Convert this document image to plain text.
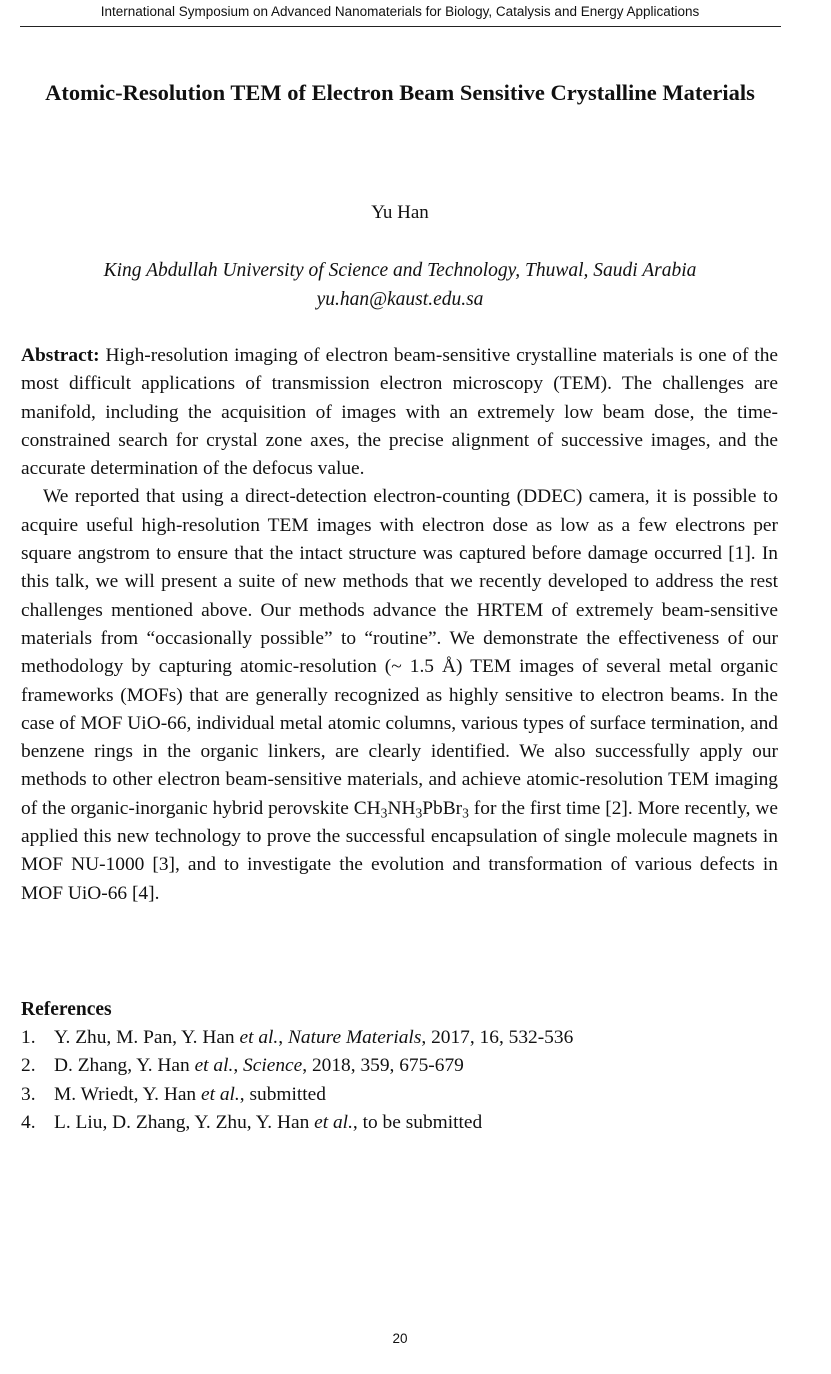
International Symposium on Advanced Nanomaterials for Biology, Catalysis and Energy Applications
Atomic-Resolution TEM of Electron Beam Sensitive Crystalline Materials
Yu Han
King Abdullah University of Science and Technology, Thuwal, Saudi Arabia
yu.han@kaust.edu.sa

Abstract: High-resolution imaging of electron beam-sensitive crystalline materials is one of the most difficult applications of transmission electron microscopy (TEM). The challenges are manifold, including the acquisition of images with an extremely low beam dose, the time-constrained search for crystal zone axes, the precise alignment of successive images, and the accurate determination of the defocus value.

We reported that using a direct-detection electron-counting (DDEC) camera, it is possible to acquire useful high-resolution TEM images with electron dose as low as a few electrons per square angstrom to ensure that the intact structure was captured before damage occurred [1]. In this talk, we will present a suite of new methods that we recently developed to address the rest challenges mentioned above. Our methods advance the HRTEM of extremely beam-sensitive materials from “occasionally possible” to “routine”. We demonstrate the effectiveness of our methodology by capturing atomic-resolution (~ 1.5 Å) TEM images of several metal organic frameworks (MOFs) that are generally recognized as highly sensitive to electron beams. In the case of MOF UiO-66, individual metal atomic columns, various types of surface termination, and benzene rings in the organic linkers, are clearly identified. We also successfully apply our methods to other electron beam-sensitive materials, and achieve atomic-resolution TEM imaging of the organic-inorganic hybrid perovskite $CH_3NH_3PbBr_3$ for the first time [2]. More recently, we applied this new technology to prove the successful encapsulation of single molecule magnets in MOF NU-1000 [3], and to investigate the evolution and transformation of various defects in MOF UiO-66 [4].

References
1. Y. Zhu, M. Pan, Y. Han et al., Nature Materials, 2017, 16, 532-536
2. D. Zhang, Y. Han et al., Science, 2018, 359, 675-679
3. M. Wriedt, Y. Han et al., submitted
4. L. Liu, D. Zhang, Y. Zhu, Y. Han et al., to be submitted
20
